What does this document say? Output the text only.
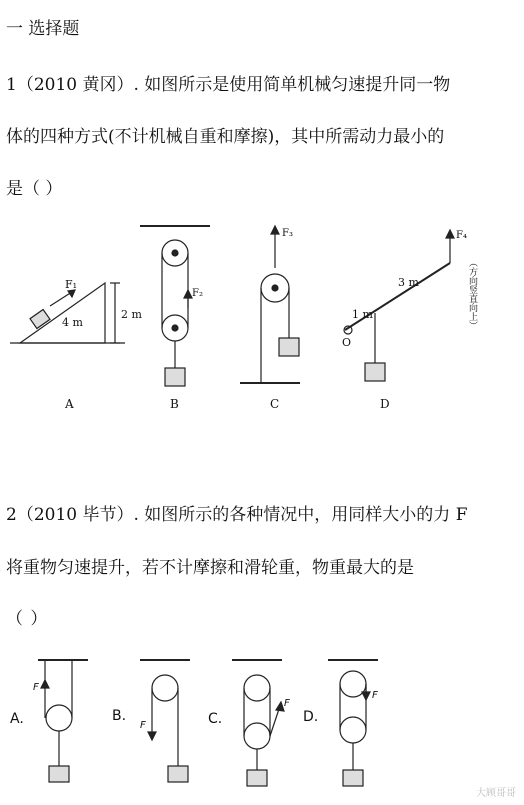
一 选择题
1（2010 黄冈）. 如图所示是使用简单机械匀速提升同一物
体的四种方式(不计机械自重和摩擦)，其中所需动力最小的
是（ ）
F₁
4 m
2 m
A
F₂
B
F₃
C
F₄
3 m
1 m
O
D
（方向竖直向上）
2（2010 毕节）. 如图所示的各种情况中，用同样大小的力 F
将重物匀速提升，若不计摩擦和滑轮重，物重最大的是
（ ）
A.
F
B.
F	C.
F
D.
F
大顾哥哥
